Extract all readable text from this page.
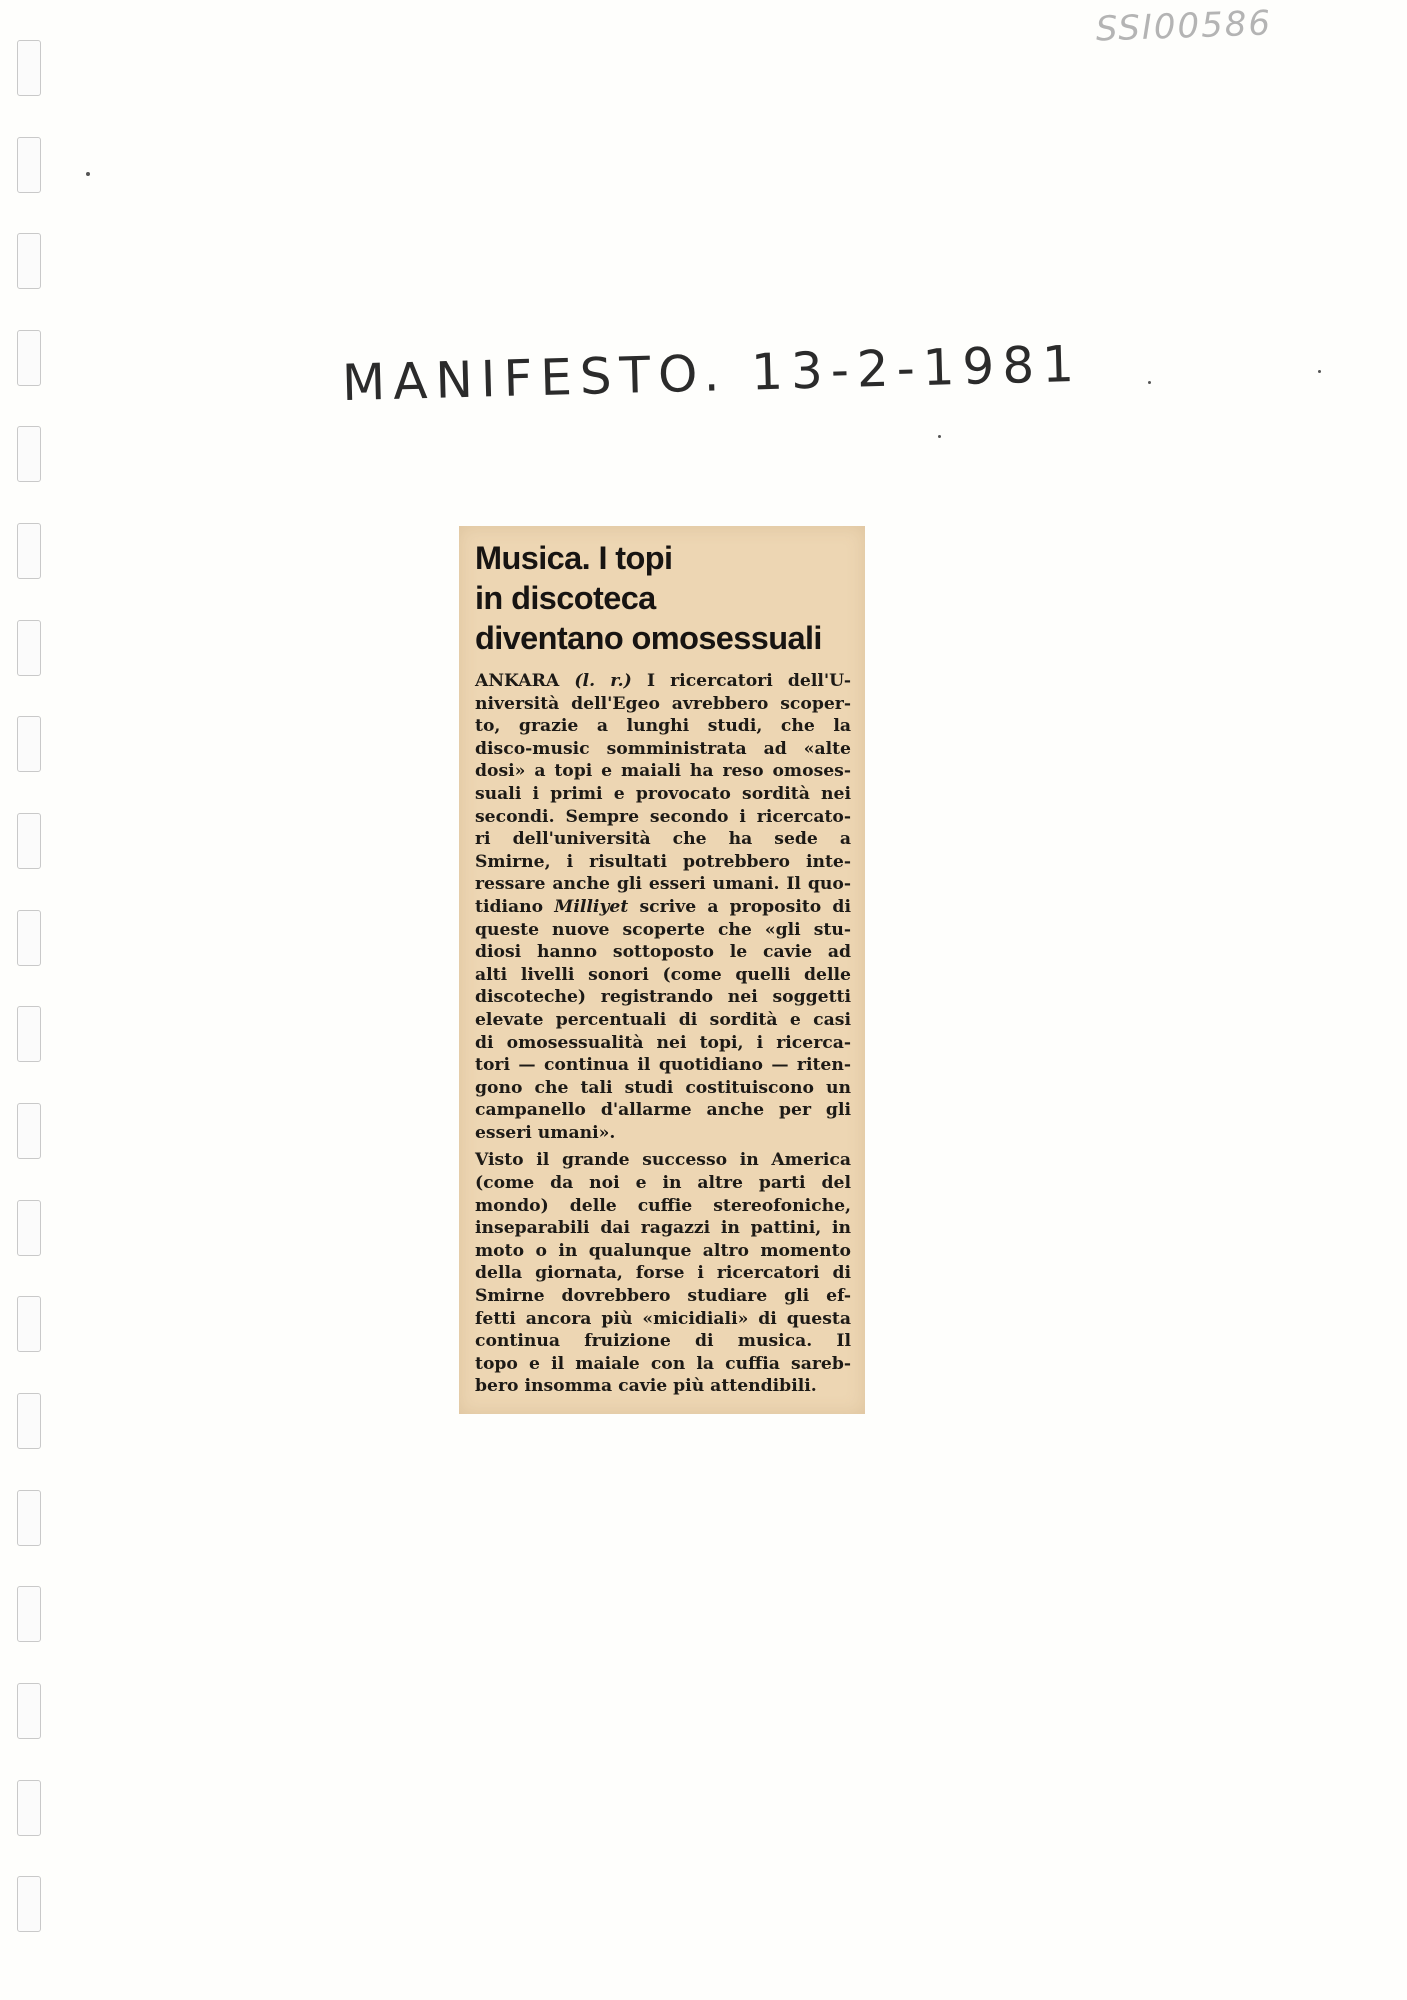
SSI00586
MANIFESTO. 13-2-1981
Musica. I topi
in discoteca
diventano omosessuali
ANKARA (l. r.) I ricercatori dell'U-
niversità dell'Egeo avrebbero scoper-
to, grazie a lunghi studi, che la
disco-music somministrata ad «alte
dosi» a topi e maiali ha reso omoses-
suali i primi e provocato sordità nei
secondi. Sempre secondo i ricercato-
ri dell'università che ha sede a
Smirne, i risultati potrebbero inte-
ressare anche gli esseri umani. Il quo-
tidiano Milliyet scrive a proposito di
queste nuove scoperte che «gli stu-
diosi hanno sottoposto le cavie ad
alti livelli sonori (come quelli delle
discoteche) registrando nei soggetti
elevate percentuali di sordità e casi
di omosessualità nei topi, i ricerca-
tori — continua il quotidiano — riten-
gono che tali studi costituiscono un
campanello d'allarme anche per gli
esseri umani».
Visto il grande successo in America
(come da noi e in altre parti del
mondo) delle cuffie stereofoniche,
inseparabili dai ragazzi in pattini, in
moto o in qualunque altro momento
della giornata, forse i ricercatori di
Smirne dovrebbero studiare gli ef-
fetti ancora più «micidiali» di questa
continua fruizione di musica. Il
topo e il maiale con la cuffia sareb-
bero insomma cavie più attendibili.
